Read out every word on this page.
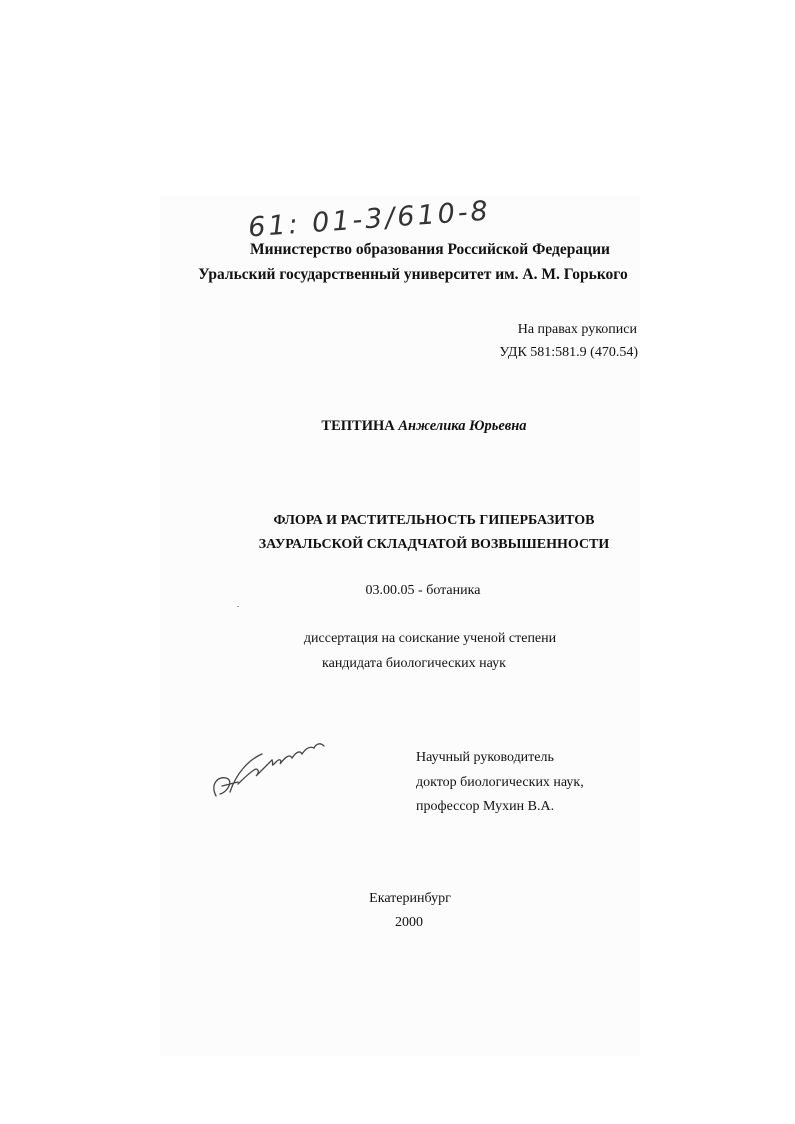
61: 01-3/610-8
Министерство образования Российской Федерации
Уральский государственный университет им. А. М. Горького
На правах рукописи
УДК 581:581.9 (470.54)
ТЕПТИНА Анжелика Юрьевна
ФЛОРА И РАСТИТЕЛЬНОСТЬ ГИПЕРБАЗИТОВ
ЗАУРАЛЬСКОЙ СКЛАДЧАТОЙ ВОЗВЫШЕННОСТИ
03.00.05 - ботаника
диссертация на соискание ученой степени
кандидата биологических наук
Научный руководитель
доктор биологических наук,
профессор Мухин В.А.
Екатеринбург
2000
